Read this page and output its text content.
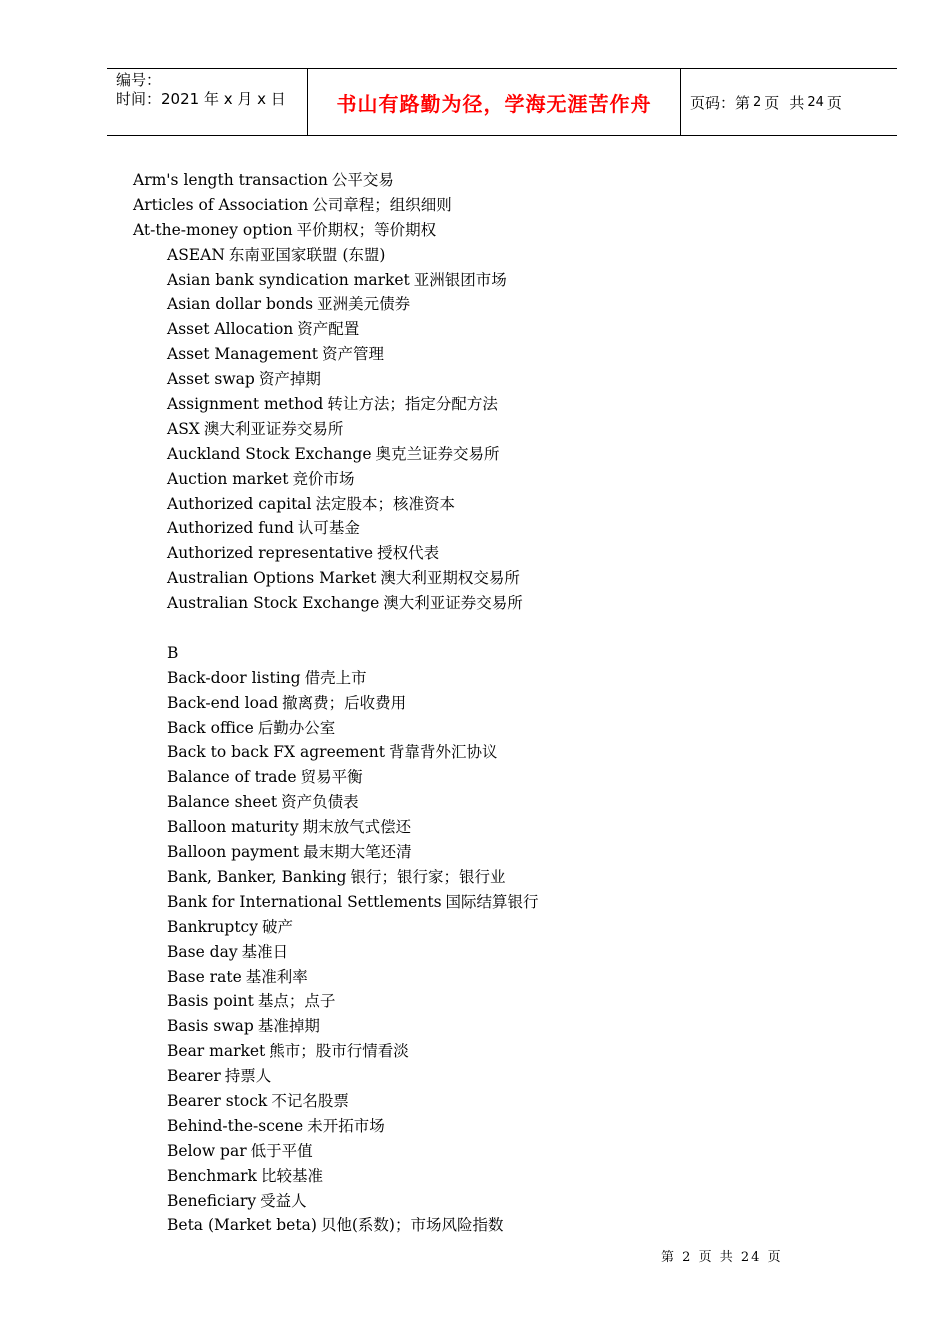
编号：
时间：2021 年 x 月 x 日	书山有路勤为径，学海无涯苦作舟	页码：第 2 页 共 24 页
Arm's length transaction 公平交易
Articles of Association 公司章程；组织细则
At-the-money option 平价期权；等价期权
ASEAN 东南亚国家联盟 (东盟)
Asian bank syndication market 亚洲银团市场
Asian dollar bonds 亚洲美元债券
Asset Allocation 资产配置
Asset Management 资产管理
Asset swap 资产掉期
Assignment method 转让方法；指定分配方法
ASX 澳大利亚证券交易所
Auckland Stock Exchange 奥克兰证券交易所
Auction market 竞价市场
Authorized capital 法定股本；核准资本
Authorized fund 认可基金
Authorized representative 授权代表
Australian Options Market 澳大利亚期权交易所
Australian Stock Exchange 澳大利亚证券交易所
B
Back-door listing 借壳上市
Back-end load 撤离费；后收费用
Back office 后勤办公室
Back to back FX agreement 背靠背外汇协议
Balance of trade 贸易平衡
Balance sheet 资产负债表
Balloon maturity 期末放气式偿还
Balloon payment 最末期大笔还清
Bank, Banker, Banking 银行；银行家；银行业
Bank for International Settlements 国际结算银行
Bankruptcy 破产
Base day 基准日
Base rate 基准利率
Basis point 基点；点子
Basis swap 基准掉期
Bear market 熊市；股市行情看淡
Bearer 持票人
Bearer stock 不记名股票
Behind-the-scene 未开拓市场
Below par 低于平值
Benchmark 比较基准
Beneficiary 受益人
Beta (Market beta) 贝他(系数)；市场风险指数
第 2 页 共 24 页
